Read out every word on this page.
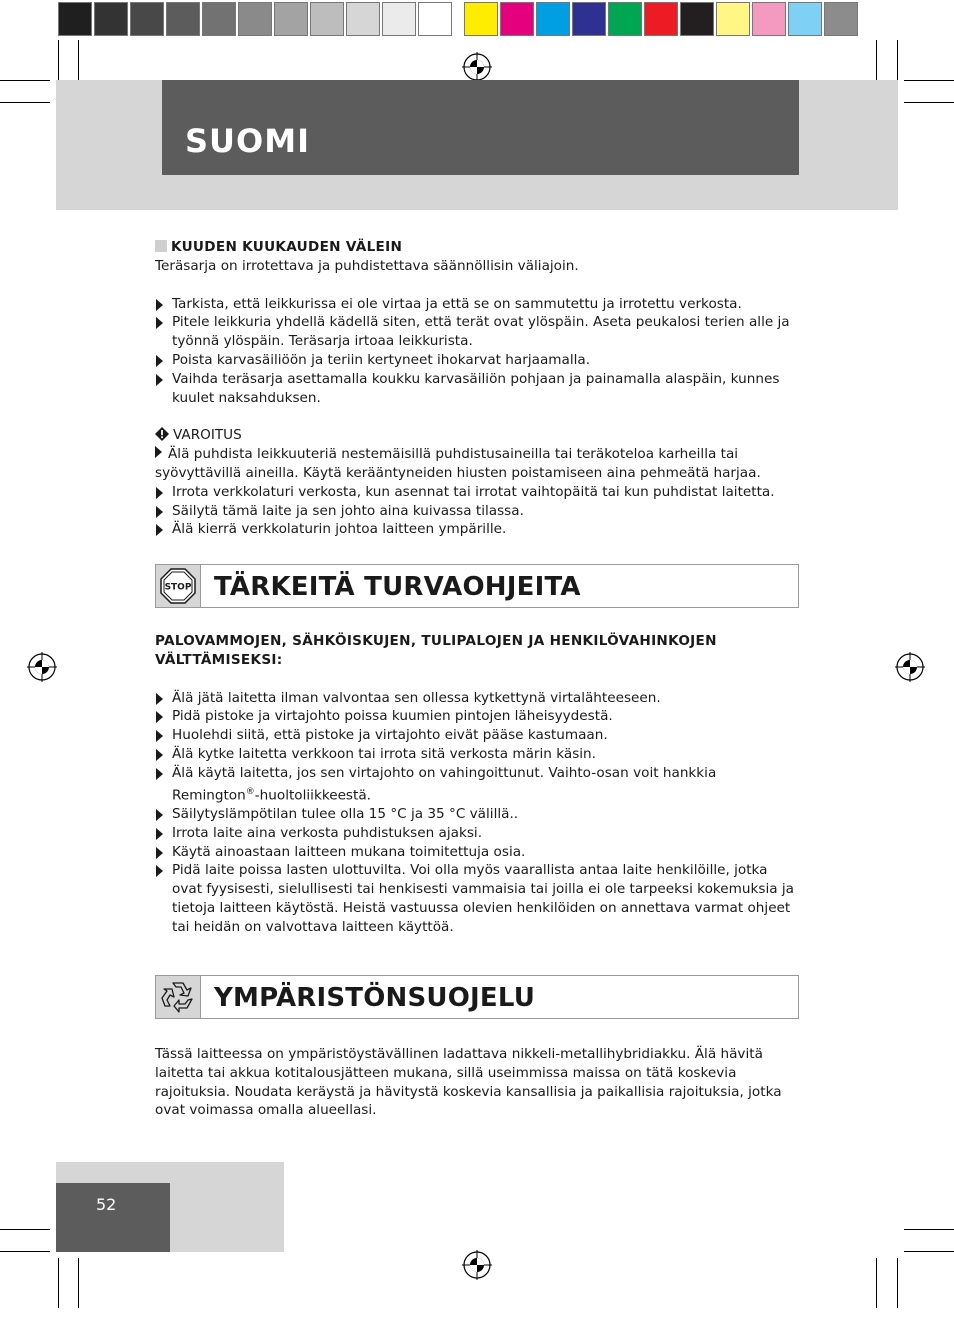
SUOMI

KUUDEN KUUKAUDEN VÄLEIN

Teräsarja on irrotettava ja puhdistettava säännöllisin väliajoin.

Tarkista, että leikkurissa ei ole virtaa ja että se on sammutettu ja irrotettu verkosta.
Pitele leikkuria yhdellä kädellä siten, että terät ovat ylöspäin. Aseta peukalosi terien alle ja työnnä ylöspäin. Teräsarja irtoaa leikkurista.
Poista karvasäiliöön ja teriin kertyneet ihokarvat harjaamalla.
Vaihda teräsarja asettamalla koukku karvasäiliön pohjaan ja painamalla alaspäin, kunnes kuulet naksahduksen.

VAROITUS

Älä puhdista leikkuuteriä nestemäisillä puhdistusaineilla tai teräkoteloa karheilla tai syövyttävillä aineilla. Käytä kerääntyneiden hiusten poistamiseen aina pehmeätä harjaa.

Irrota verkkolaturi verkosta, kun asennat tai irrotat vaihtopäitä tai kun puhdistat laitetta.
Säilytä tämä laite ja sen johto aina kuivassa tilassa.
Älä kierrä verkkolaturin johtoa laitteen ympärille.
STOP TÄRKEITÄ TURVAOHJEITA

PALOVAMMOJEN, SÄHKÖISKUJEN, TULIPALOJEN JA HENKILÖVAHINKOJEN VÄLTTÄMISEKSI:

Älä jätä laitetta ilman valvontaa sen ollessa kytkettynä virtalähteeseen.
Pidä pistoke ja virtajohto poissa kuumien pintojen läheisyydestä.
Huolehdi siitä, että pistoke ja virtajohto eivät pääse kastumaan.
Älä kytke laitetta verkkoon tai irrota sitä verkosta märin käsin.
Älä käytä laitetta, jos sen virtajohto on vahingoittunut. Vaihto-osan voit hankkia Remington®-huoltoliikkeestä.
Säilytyslämpötilan tulee olla 15 °C ja 35 °C välillä..
Irrota laite aina verkosta puhdistuksen ajaksi.
Käytä ainoastaan laitteen mukana toimitettuja osia.
Pidä laite poissa lasten ulottuvilta. Voi olla myös vaarallista antaa laite henkilöille, jotka ovat fyysisesti, sielullisesti tai henkisesti vammaisia tai joilla ei ole tarpeeksi kokemuksia ja tietoja laitteen käytöstä. Heistä vastuussa olevien henkilöiden on annettava varmat ohjeet tai heidän on valvottava laitteen käyttöä.
YMPÄRISTÖNSUOJELU

Tässä laitteessa on ympäristöystävällinen ladattava nikkeli-metallihybridiakku. Älä hävitä laitetta tai akkua kotitalousjätteen mukana, sillä useimmissa maissa on tätä koskevia rajoituksia. Noudata keräystä ja hävitystä koskevia kansallisia ja paikallisia rajoituksia, jotka ovat voimassa omalla alueellasi.

52
